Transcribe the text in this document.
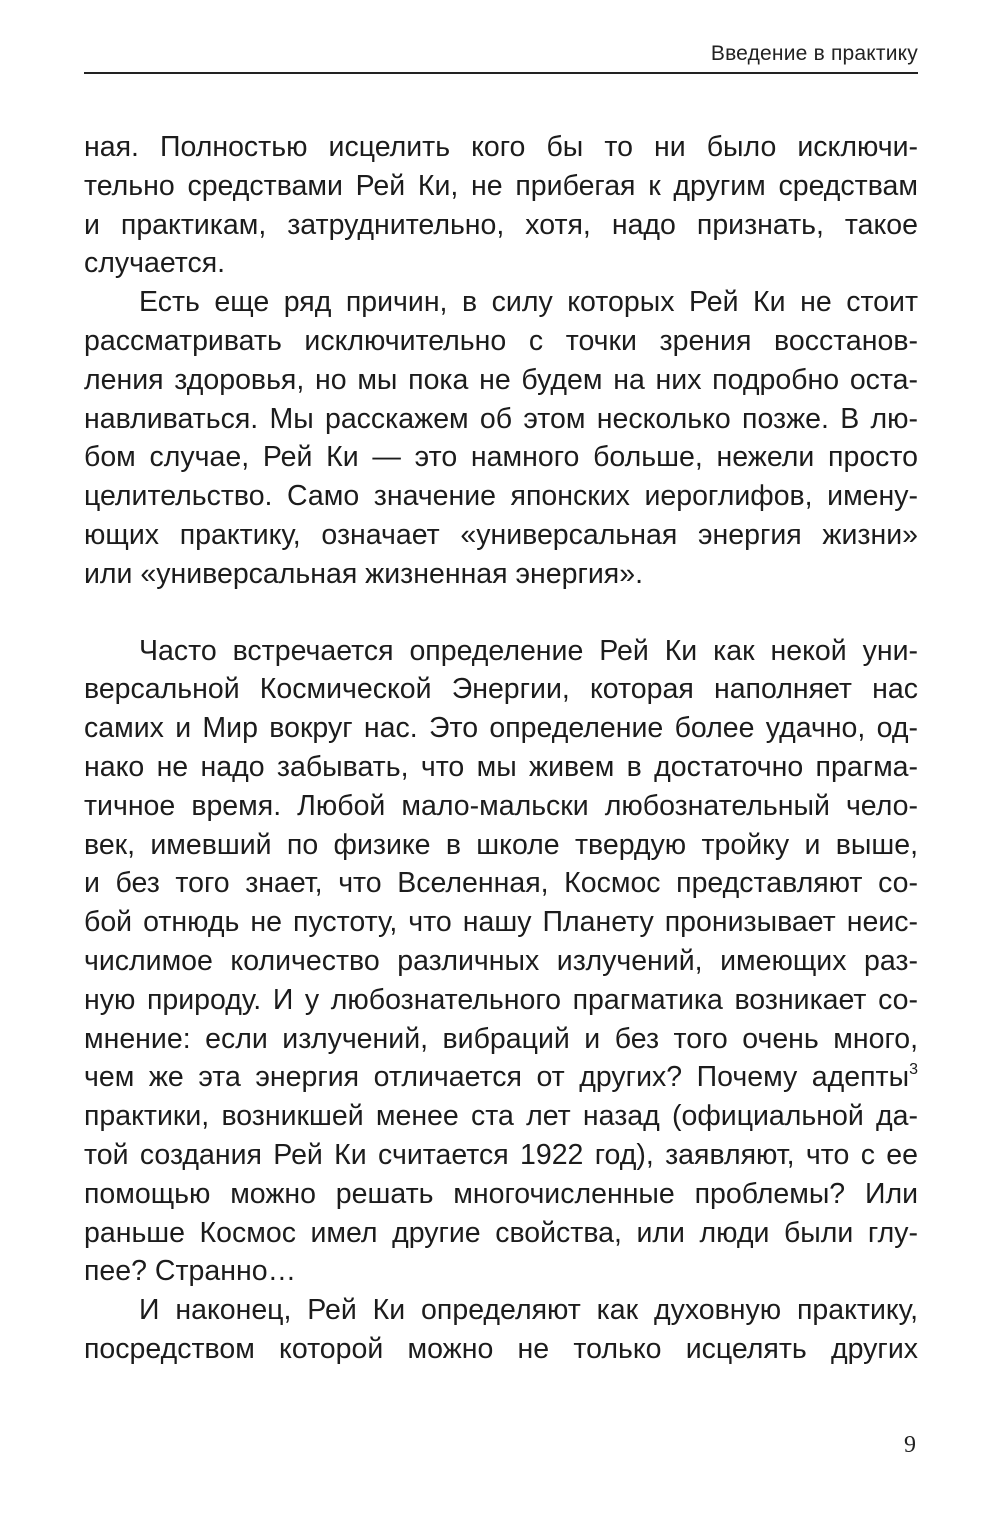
Введение в практику
ная. Полностью исцелить кого бы то ни было исключи-
тельно средствами Рей Ки, не прибегая к другим средствам
и практикам, затруднительно, хотя, надо признать, такое
случается.
Есть еще ряд причин, в силу которых Рей Ки не стоит
рассматривать исключительно с точки зрения восстанов-
ления здоровья, но мы пока не будем на них подробно оста-
навливаться. Мы расскажем об этом несколько позже. В лю-
бом случае, Рей Ки — это намного больше, нежели просто
целительство. Само значение японских иероглифов, имену-
ющих практику, означает «универсальная энергия жизни»
или «универсальная жизненная энергия».
Часто встречается определение Рей Ки как некой уни-
версальной Космической Энергии, которая наполняет нас
самих и Мир вокруг нас. Это определение более удачно, од-
нако не надо забывать, что мы живем в достаточно прагма-
тичное время. Любой мало-мальски любознательный чело-
век, имевший по физике в школе твердую тройку и выше,
и без того знает, что Вселенная, Космос представляют со-
бой отнюдь не пустоту, что нашу Планету пронизывает неис-
числимое количество различных излучений, имеющих раз-
ную природу. И у любознательного прагматика возникает со-
мнение: если излучений, вибраций и без того очень много,
чем же эта энергия отличается от других? Почему адепты$^3$
практики, возникшей менее ста лет назад (официальной да-
той создания Рей Ки считается 1922 год), заявляют, что с ее
помощью можно решать многочисленные проблемы? Или
раньше Космос имел другие свойства, или люди были глу-
пее? Странно…
И наконец, Рей Ки определяют как духовную практику,
посредством которой можно не только исцелять других
9
